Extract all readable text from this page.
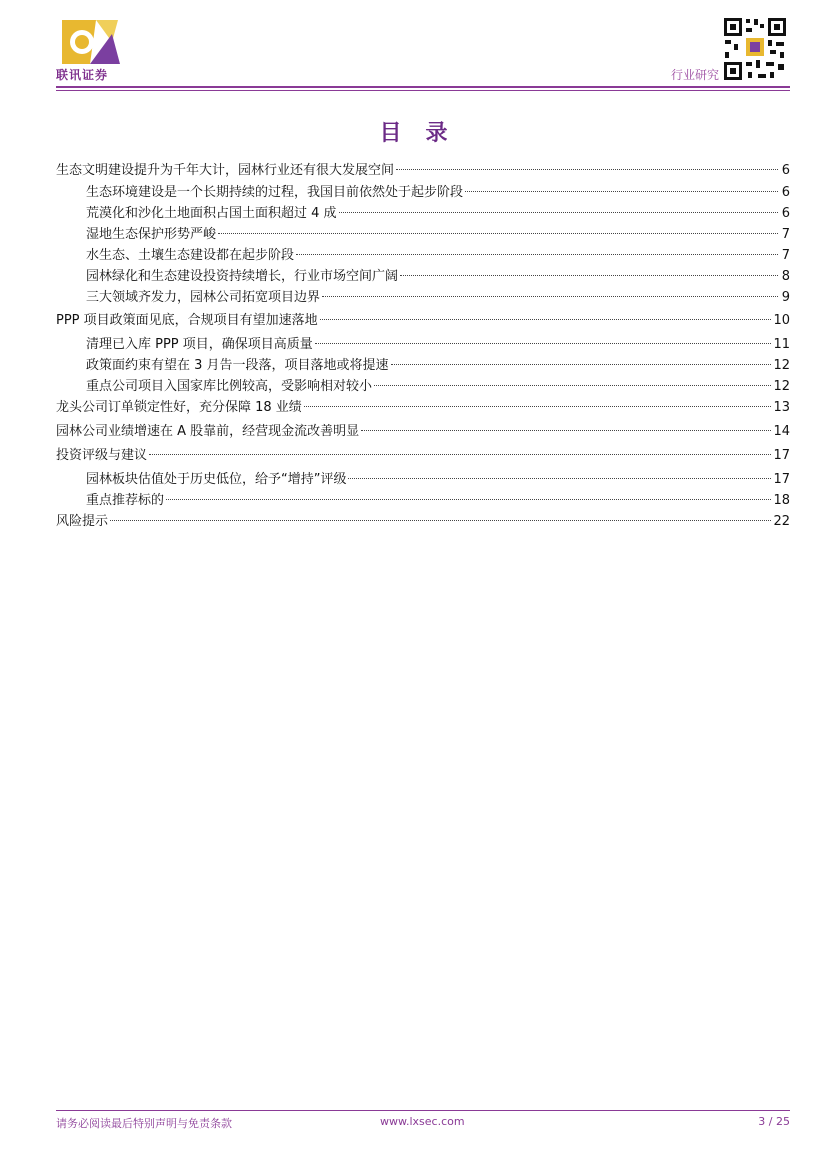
联讯证券	行业研究
目录
生态文明建设提升为千年大计，园林行业还有很大发展空间	6
生态环境建设是一个长期持续的过程，我国目前依然处于起步阶段	6
荒漠化和沙化土地面积占国土面积超过 4 成	6
湿地生态保护形势严峻	7
水生态、土壤生态建设都在起步阶段	7
园林绿化和生态建设投资持续增长，行业市场空间广阔	8
三大领域齐发力，园林公司拓宽项目边界	9
PPP 项目政策面见底，合规项目有望加速落地	10
清理已入库 PPP 项目，确保项目高质量	11
政策面约束有望在 3 月告一段落，项目落地或将提速	12
重点公司项目入国家库比例较高，受影响相对较小	12
龙头公司订单锁定性好，充分保障 18 业绩	13
园林公司业绩增速在 A 股靠前，经营现金流改善明显	14
投资评级与建议	17
园林板块估值处于历史低位，给予“增持”评级	17
重点推荐标的	18
风险提示	22
请务必阅读最后特别声明与免责条款	www.lxsec.com	3 / 25
